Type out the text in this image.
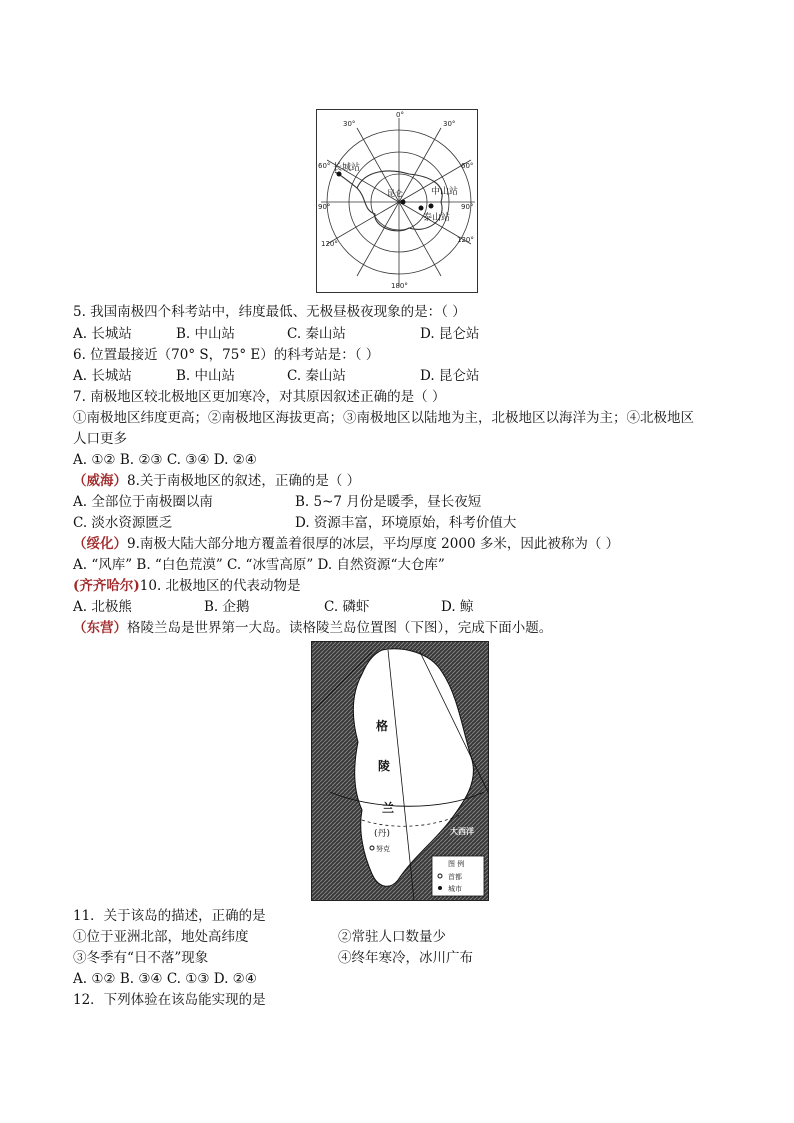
0°
30°	30°
60°	60°
90°	90°
120°	120°
180°
长城站
中山站
泰山站
昆仑
5. 我国南极四个科考站中，纬度最低、无极昼极夜现象的是：（ ）
A. 长城站	B. 中山站	C. 秦山站	D. 昆仑站
6. 位置最接近（70° S，75° E）的科考站是：（ ）
A. 长城站	B. 中山站	C. 秦山站	D. 昆仑站
7. 南极地区较北极地区更加寒冷，对其原因叙述正确的是（ ）
①南极地区纬度更高；②南极地区海拔更高；③南极地区以陆地为主，北极地区以海洋为主；④北极地区
人口更多
A. ①② B. ②③ C. ③④ D. ②④
（威海）8.关于南极地区的叙述，正确的是（ ）
A. 全部位于南极圈以南	B. 5~7 月份是暖季，昼长夜短
C. 淡水资源匮乏	D. 资源丰富，环境原始，科考价值大
（绥化）9.南极大陆大部分地方覆盖着很厚的冰层，平均厚度 2000 多米，因此被称为（ ）
A. “风库” B. “白色荒漠” C. “冰雪高原” D. 自然资源“大仓库”
(齐齐哈尔)10. 北极地区的代表动物是
A. 北极熊	B. 企鹅	C. 磷虾	D. 鲸
（东营）格陵兰岛是世界第一大岛。读格陵兰岛位置图（下图），完成下面小题。
格
陵
兰
(丹)	大西洋
努克
图 例
首都
城市
11．关于该岛的描述，正确的是
①位于亚洲北部，地处高纬度	②常驻人口数量少
③冬季有“日不落”现象	④终年寒冷，冰川广布
A. ①② B. ③④ C. ①③ D. ②④
12．下列体验在该岛能实现的是
